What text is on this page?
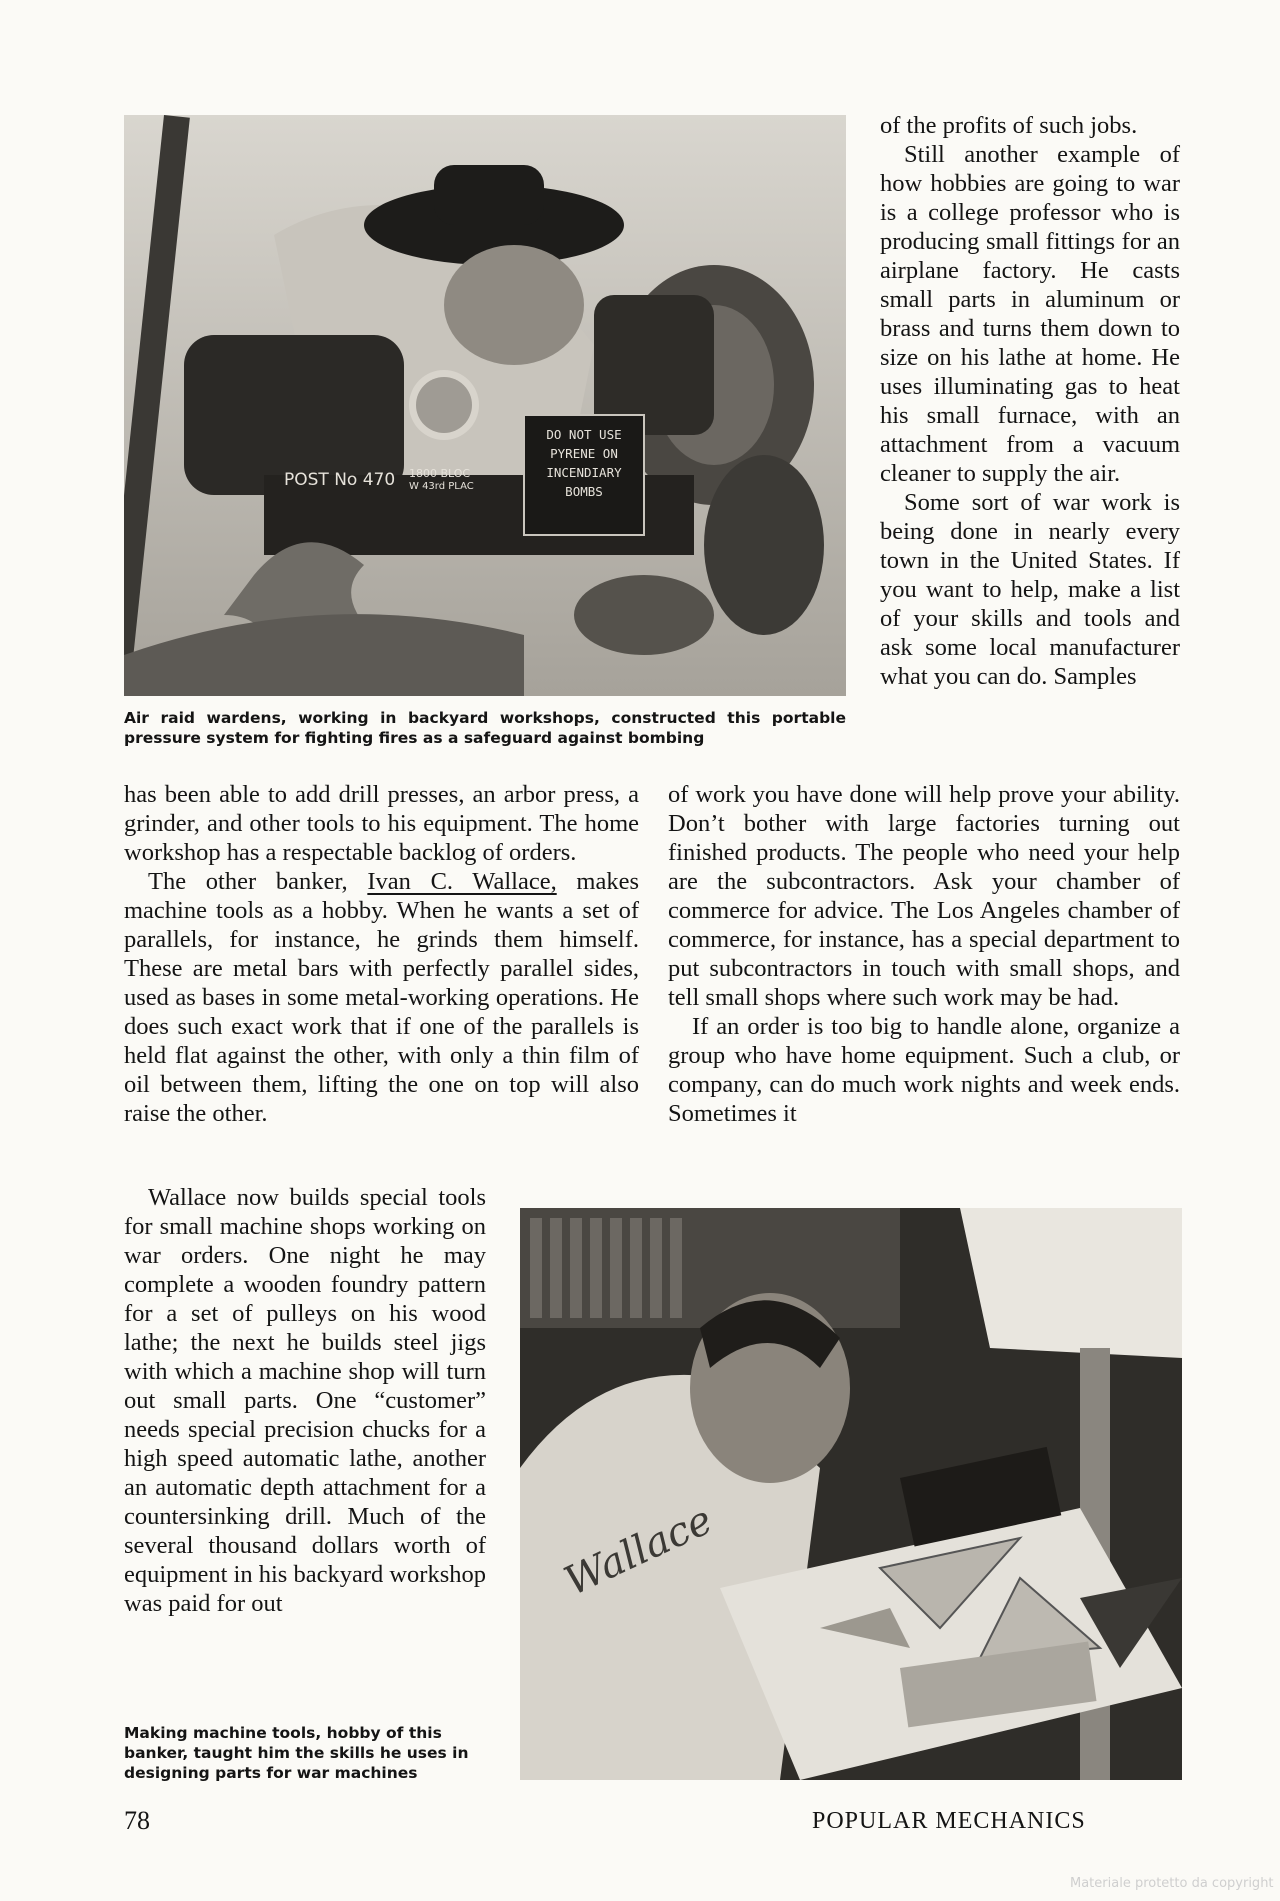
POST No 470 1800 BLOC
W 43rd PLAC
DO NOT USE
PYRENE ON
INCENDIARY
BOMBS
Air raid wardens, working in backyard workshops, constructed this portable pressure system for fighting fires as a safeguard against bombing

of the profits of such jobs.

Still another example of how hobbies are going to war is a college professor who is producing small fittings for an airplane factory. He casts small parts in aluminum or brass and turns them down to size on his lathe at home. He uses illuminating gas to heat his small furnace, with an attachment from a vacuum cleaner to supply the air.

Some sort of war work is being done in nearly every town in the United States. If you want to help, make a list of your skills and tools and ask some local manufacturer what you can do. Samples

has been able to add drill presses, an arbor press, a grinder, and other tools to his equipment. The home workshop has a respectable backlog of orders.

The other banker, Ivan C. Wallace, makes machine tools as a hobby. When he wants a set of parallels, for instance, he grinds them himself. These are metal bars with perfectly parallel sides, used as bases in some metal-working operations. He does such exact work that if one of the parallels is held flat against the other, with only a thin film of oil between them, lifting the one on top will also raise the other.

of work you have done will help prove your ability. Don’t bother with large factories turning out finished products. The people who need your help are the subcontractors. Ask your chamber of commerce for advice. The Los Angeles chamber of commerce, for instance, has a special department to put subcontractors in touch with small shops, and tell small shops where such work may be had.

If an order is too big to handle alone, organize a group who have home equipment. Such a club, or company, can do much work nights and week ends. Sometimes it

Wallace now builds special tools for small machine shops working on war orders. One night he may complete a wooden foundry pattern for a set of pulleys on his wood lathe; the next he builds steel jigs with which a machine shop will turn out small parts. One “customer” needs special precision chucks for a high speed automatic lathe, another an automatic depth attachment for a countersinking drill. Much of the several thousand dollars worth of equipment in his backyard workshop was paid for out	Wallace
Making machine tools, hobby of this banker, taught him the skills he uses in designing parts for war machines
78	POPULAR MECHANICS
Materiale protetto da copyright
